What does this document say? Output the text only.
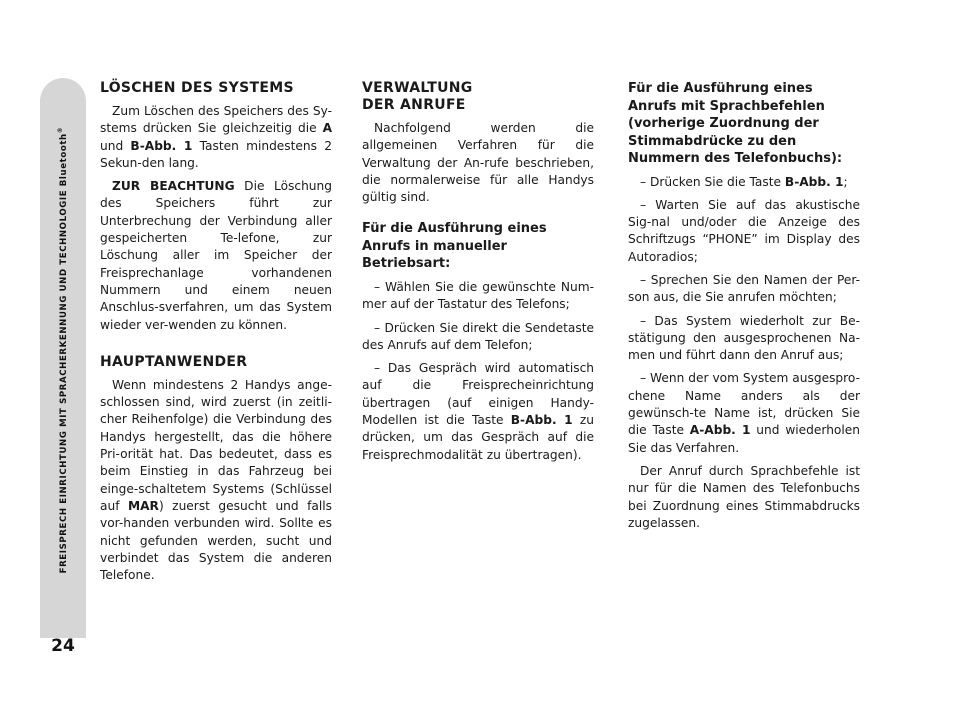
FREISPRECH EINRICHTUNG MIT SPRACHERKENNUNG UND TECHNOLOGIE Bluetooth®
24
LÖSCHEN DES SYSTEMS

Zum Löschen des Speichers des Sy-stems drücken Sie gleichzeitig die A und B-Abb. 1 Tasten mindestens 2 Sekun-den lang.

ZUR BEACHTUNG Die Löschung des Speichers führt zur Unterbrechung der Verbindung aller gespeicherten Te-lefone, zur Löschung aller im Speicher der Freisprechanlage vorhandenen Nummern und einem neuen Anschlus-sverfahren, um das System wieder ver-wenden zu können.

HAUPTANWENDER

Wenn mindestens 2 Handys ange-schlossen sind, wird zuerst (in zeitli-cher Reihenfolge) die Verbindung des Handys hergestellt, das die höhere Pri-orität hat. Das bedeutet, dass es beim Einstieg in das Fahrzeug bei einge-schaltetem Systems (Schlüssel auf MAR) zuerst gesucht und falls vor-handen verbunden wird. Sollte es nicht gefunden werden, sucht und verbindet das System die anderen Telefone.

VERWALTUNG
DER ANRUFE

Nachfolgend werden die allgemeinen Verfahren für die Verwaltung der An-rufe beschrieben, die normalerweise für alle Handys gültig sind.

Für die Ausführung eines Anrufs in manueller Betriebsart:

– Wählen Sie die gewünschte Num-mer auf der Tastatur des Telefons;

– Drücken Sie direkt die Sendetaste des Anrufs auf dem Telefon;

– Das Gespräch wird automatisch auf die Freisprecheinrichtung übertragen (auf einigen Handy-Modellen ist die Taste B-Abb. 1 zu drücken, um das Gespräch auf die Freisprechmodalität zu übertragen).

Für die Ausführung eines Anrufs mit Sprachbefehlen (vorherige Zuordnung der Stimmabdrücke zu den Nummern des Telefonbuchs):

– Drücken Sie die Taste B-Abb. 1;

– Warten Sie auf das akustische Sig-nal und/oder die Anzeige des Schriftzugs “PHONE” im Display des Autoradios;

– Sprechen Sie den Namen der Per-son aus, die Sie anrufen möchten;

– Das System wiederholt zur Be-stätigung den ausgesprochenen Na-men und führt dann den Anruf aus;

– Wenn der vom System ausgespro-chene Name anders als der gewünsch-te Name ist, drücken Sie die Taste A-Abb. 1 und wiederholen Sie das Verfahren.

Der Anruf durch Sprachbefehle ist nur für die Namen des Telefonbuchs bei Zuordnung eines Stimmabdrucks zugelassen.
